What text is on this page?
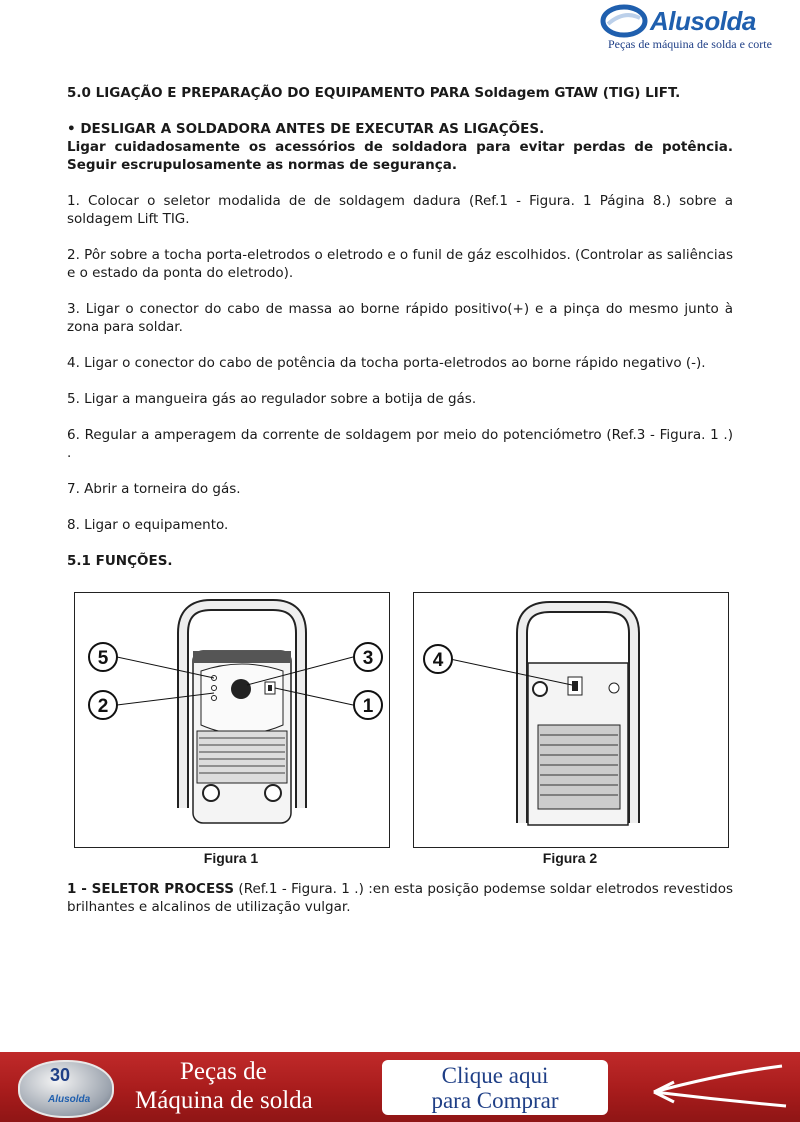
Alusolda
Peças de máquina de solda e corte

5.0 LIGAÇÃO E PREPARAÇÃO DO EQUIPAMENTO PARA Soldagem GTAW (TIG) LIFT.

• DESLIGAR A SOLDADORA ANTES DE EXECUTAR AS LIGAÇÕES.

Ligar cuidadosamente os acessórios de soldadora para evitar perdas de potência. Seguir escrupulosamente as normas de segurança.

1. Colocar o seletor modalida de de soldagem dadura (Ref.1 - Figura. 1 Página 8.) sobre a soldagem Lift TIG.

2. Pôr sobre a tocha porta-eletrodos o eletrodo e o funil de gáz escolhidos. (Controlar as saliências e o estado da ponta do eletrodo).

3. Ligar o conector do cabo de massa ao borne rápido positivo(+) e a pinça do mesmo junto à zona para soldar.

4. Ligar o conector do cabo de potência da tocha porta-eletrodos ao borne rápido negativo (-).

5. Ligar a mangueira gás ao regulador sobre a botija de gás.

6. Regular a amperagem da corrente de soldagem por meio do potenciómetro (Ref.3 - Figura. 1 .) .

7. Abrir a torneira do gás.

8. Ligar o equipamento.

5.1 FUNÇÕES.

5
2
3
1
Figura 1
4
Figura 2

1 - SELETOR PROCESS (Ref.1 - Figura. 1 .) :en esta posição podemse soldar eletrodos revestidos brilhantes e alcalinos de utilização vulgar.

30
Alusolda
Peças de
Máquina de solda
Clique aqui
para Comprar
